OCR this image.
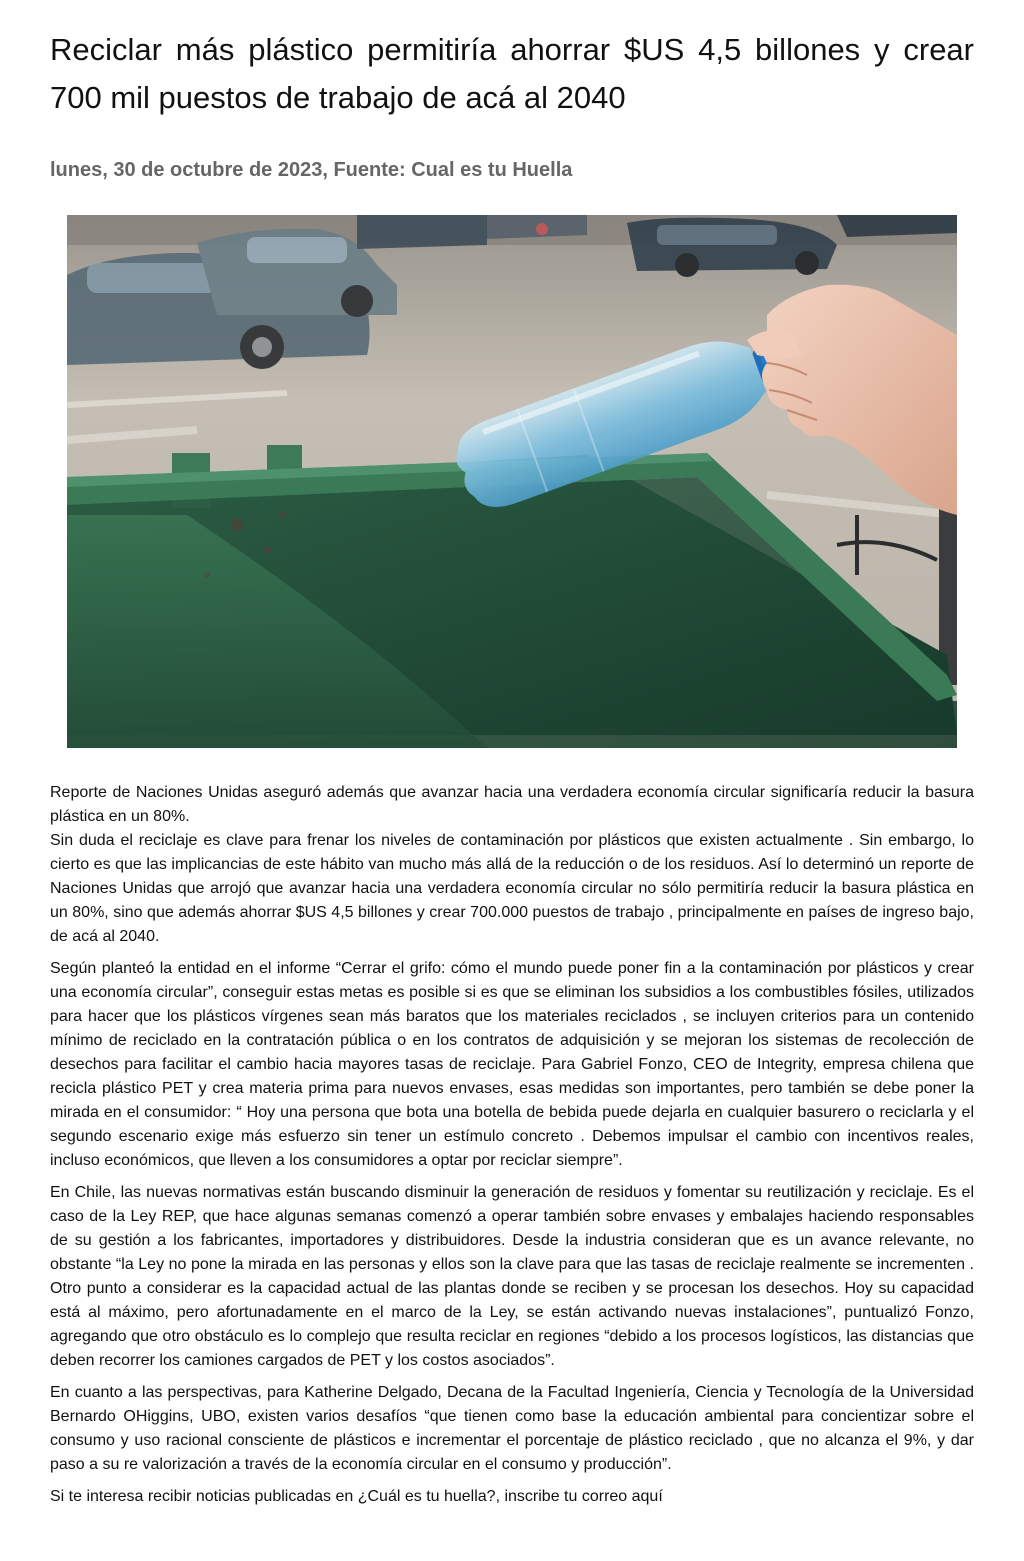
Reciclar más plástico permitiría ahorrar $US 4,5 billones y crear 700 mil puestos de trabajo de acá al 2040
lunes, 30 de octubre de 2023, Fuente: Cual es tu Huella

Reporte de Naciones Unidas aseguró además que avanzar hacia una verdadera economía circular significaría reducir la basura plástica en un 80%.

Sin duda el reciclaje es clave para frenar los niveles de contaminación por plásticos que existen actualmente . Sin embargo, lo cierto es que las implicancias de este hábito van mucho más allá de la reducción o de los residuos. Así lo determinó un reporte de Naciones Unidas que arrojó que avanzar hacia una verdadera economía circular no sólo permitiría reducir la basura plástica en un 80%, sino que además ahorrar $US 4,5 billones y crear 700.000 puestos de trabajo , principalmente en países de ingreso bajo, de acá al 2040.

Según planteó la entidad en el informe “Cerrar el grifo: cómo el mundo puede poner fin a la contaminación por plásticos y crear una economía circular”, conseguir estas metas es posible si es que se eliminan los subsidios a los combustibles fósiles, utilizados para hacer que los plásticos vírgenes sean más baratos que los materiales reciclados , se incluyen criterios para un contenido mínimo de reciclado en la contratación pública o en los contratos de adquisición y se mejoran los sistemas de recolección de desechos para facilitar el cambio hacia mayores tasas de reciclaje. Para Gabriel Fonzo, CEO de Integrity, empresa chilena que recicla plástico PET y crea materia prima para nuevos envases, esas medidas son importantes, pero también se debe poner la mirada en el consumidor: “ Hoy una persona que bota una botella de bebida puede dejarla en cualquier basurero o reciclarla y el segundo escenario exige más esfuerzo sin tener un estímulo concreto . Debemos impulsar el cambio con incentivos reales, incluso económicos, que lleven a los consumidores a optar por reciclar siempre”.

En Chile, las nuevas normativas están buscando disminuir la generación de residuos y fomentar su reutilización y reciclaje. Es el caso de la Ley REP, que hace algunas semanas comenzó a operar también sobre envases y embalajes haciendo responsables de su gestión a los fabricantes, importadores y distribuidores. Desde la industria consideran que es un avance relevante, no obstante “la Ley no pone la mirada en las personas y ellos son la clave para que las tasas de reciclaje realmente se incrementen . Otro punto a considerar es la capacidad actual de las plantas donde se reciben y se procesan los desechos. Hoy su capacidad está al máximo, pero afortunadamente en el marco de la Ley, se están activando nuevas instalaciones”, puntualizó Fonzo, agregando que otro obstáculo es lo complejo que resulta reciclar en regiones “debido a los procesos logísticos, las distancias que deben recorrer los camiones cargados de PET y los costos asociados”.

En cuanto a las perspectivas, para Katherine Delgado, Decana de la Facultad Ingeniería, Ciencia y Tecnología de la Universidad Bernardo OHiggins, UBO, existen varios desafíos “que tienen como base la educación ambiental para concientizar sobre el consumo y uso racional consciente de plásticos e incrementar el porcentaje de plástico reciclado , que no alcanza el 9%, y dar paso a su re valorización a través de la economía circular en el consumo y producción”.

Si te interesa recibir noticias publicadas en ¿Cuál es tu huella?, inscribe tu correo aquí
